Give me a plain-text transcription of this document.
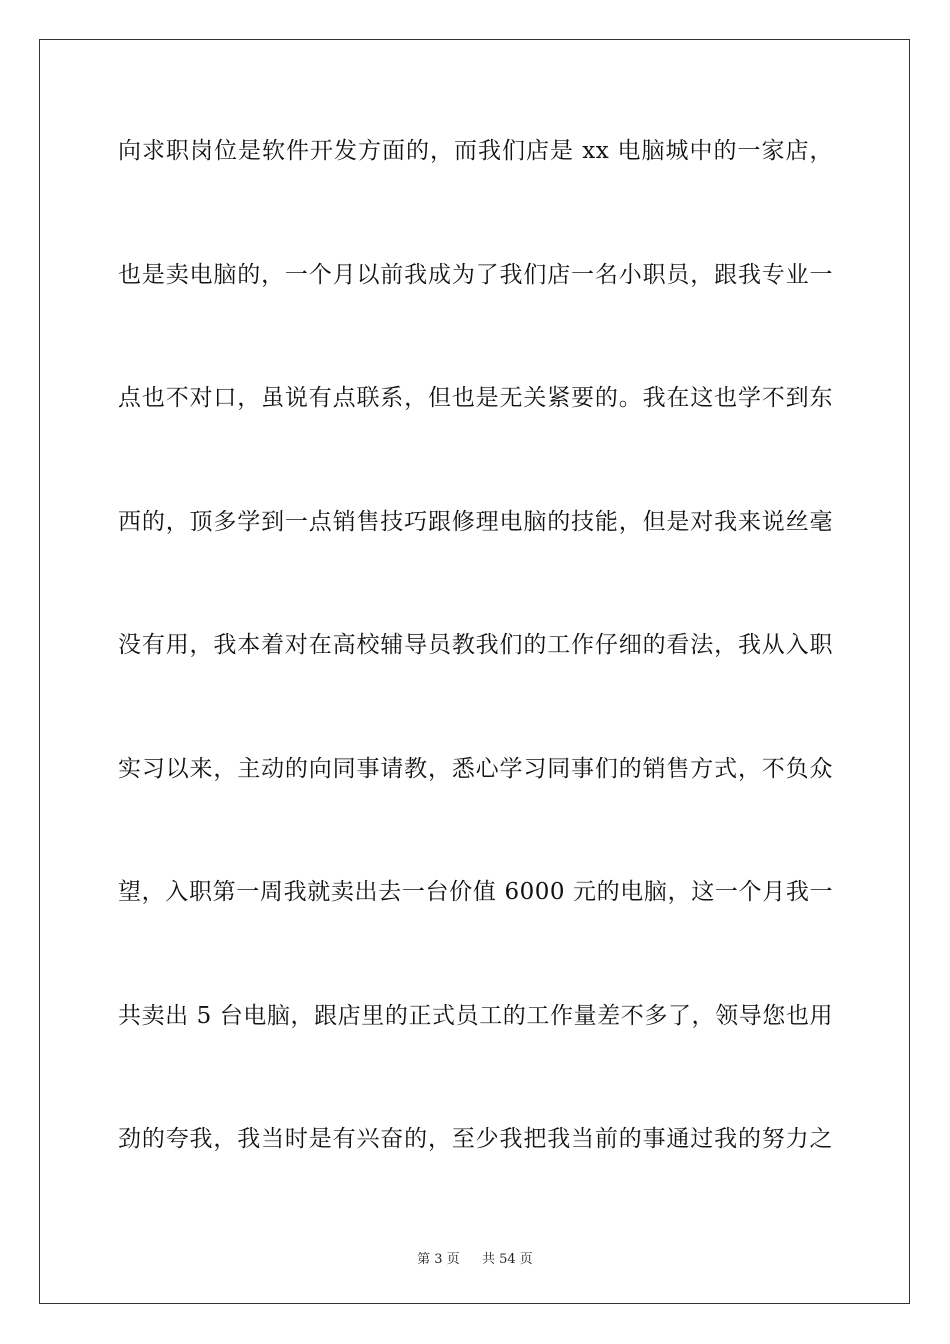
向求职岗位是软件开发方面的，而我们店是 xx 电脑城中的一家店，
也是卖电脑的，一个月以前我成为了我们店一名小职员，跟我专业一
点也不对口，虽说有点联系，但也是无关紧要的。我在这也学不到东
西的，顶多学到一点销售技巧跟修理电脑的技能，但是对我来说丝毫
没有用，我本着对在高校辅导员教我们的工作仔细的看法，我从入职
实习以来，主动的向同事请教，悉心学习同事们的销售方式，不负众
望，入职第一周我就卖出去一台价值 6000 元的电脑，这一个月我一
共卖出 5 台电脑，跟店里的正式员工的工作量差不多了，领导您也用
劲的夸我，我当时是有兴奋的，至少我把我当前的事通过我的努力之
第 3 页 共 54 页
